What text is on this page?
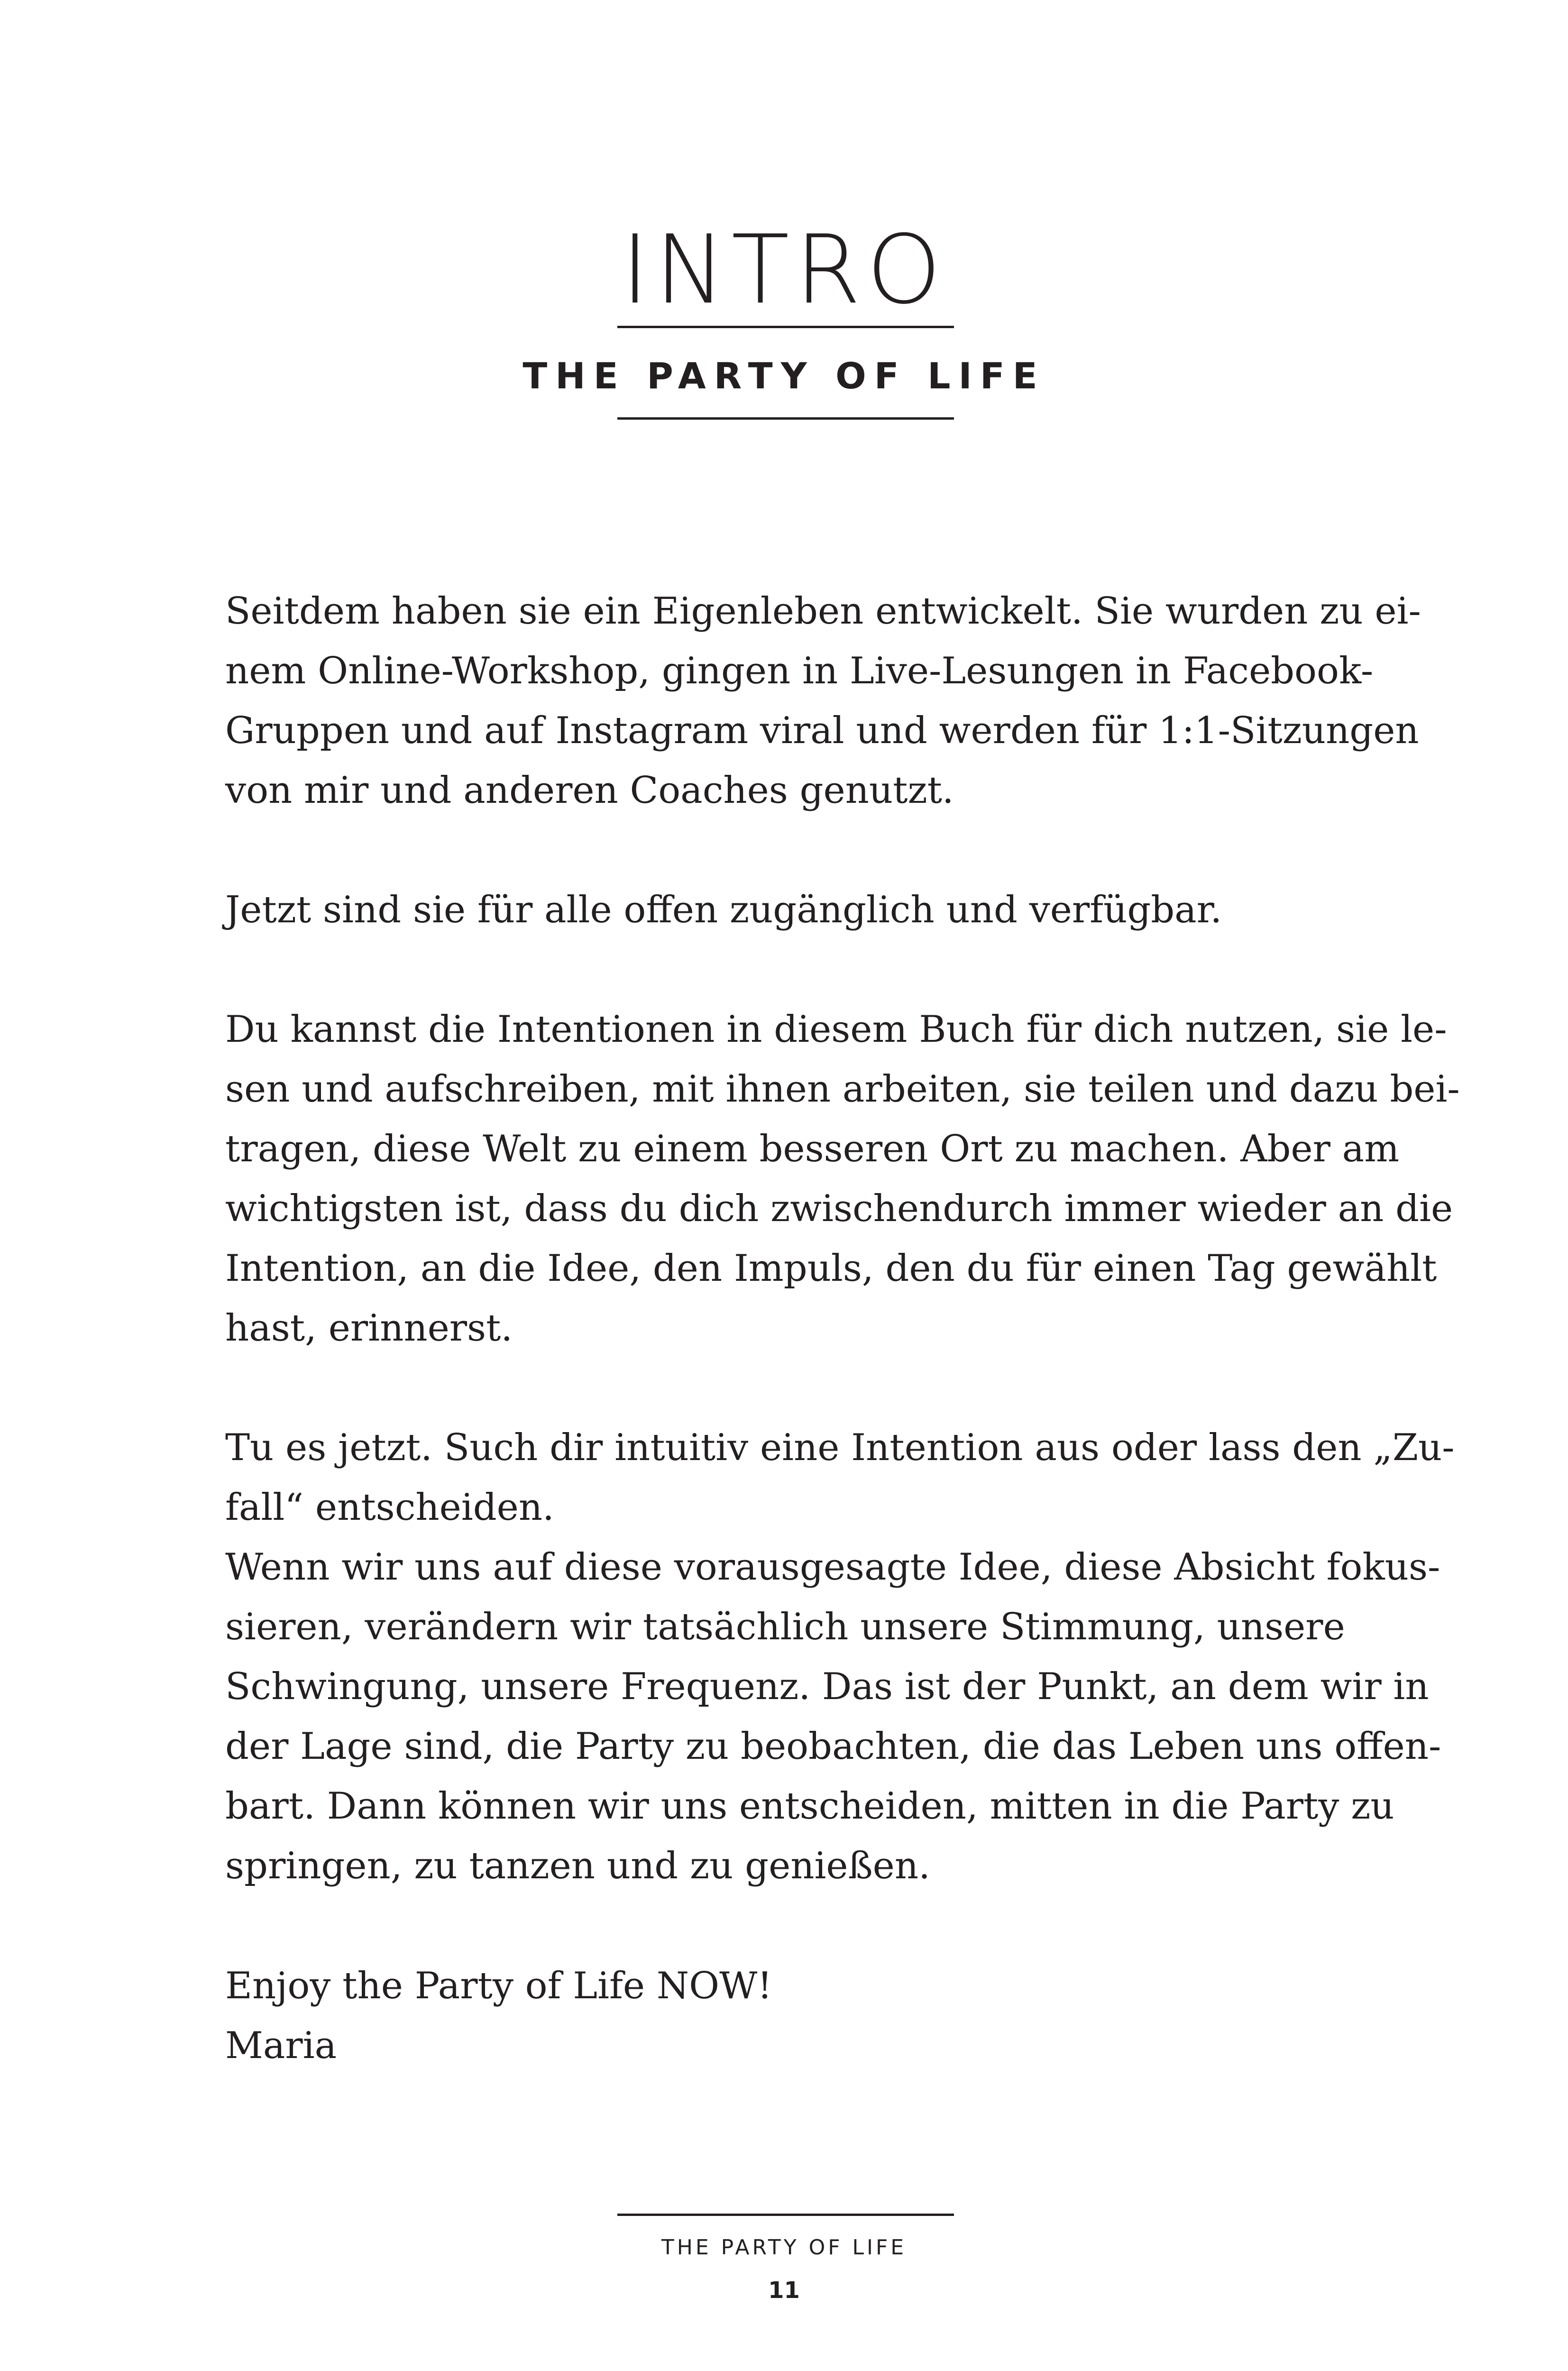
INTRO
THE PARTY OF LIFE
Seitdem haben sie ein Eigenleben entwickelt. Sie wurden zu ei-
nem Online-Workshop, gingen in Live-Lesungen in Facebook-
Gruppen und auf Instagram viral und werden für 1:1-Sitzungen
von mir und anderen Coaches genutzt.
Jetzt sind sie für alle offen zugänglich und verfügbar.
Du kannst die Intentionen in diesem Buch für dich nutzen, sie le-
sen und aufschreiben, mit ihnen arbeiten, sie teilen und dazu bei-
tragen, diese Welt zu einem besseren Ort zu machen. Aber am
wichtigsten ist, dass du dich zwischendurch immer wieder an die
Intention, an die Idee, den Impuls, den du für einen Tag gewählt
hast, erinnerst.
Tu es jetzt. Such dir intuitiv eine Intention aus oder lass den „Zu-
fall“ entscheiden.
Wenn wir uns auf diese vorausgesagte Idee, diese Absicht fokus-
sieren, verändern wir tatsächlich unsere Stimmung, unsere
Schwingung, unsere Frequenz. Das ist der Punkt, an dem wir in
der Lage sind, die Party zu beobachten, die das Leben uns offen-
bart. Dann können wir uns entscheiden, mitten in die Party zu
springen, zu tanzen und zu genießen.
Enjoy the Party of Life NOW!
Maria
THE PARTY OF LIFE
11
